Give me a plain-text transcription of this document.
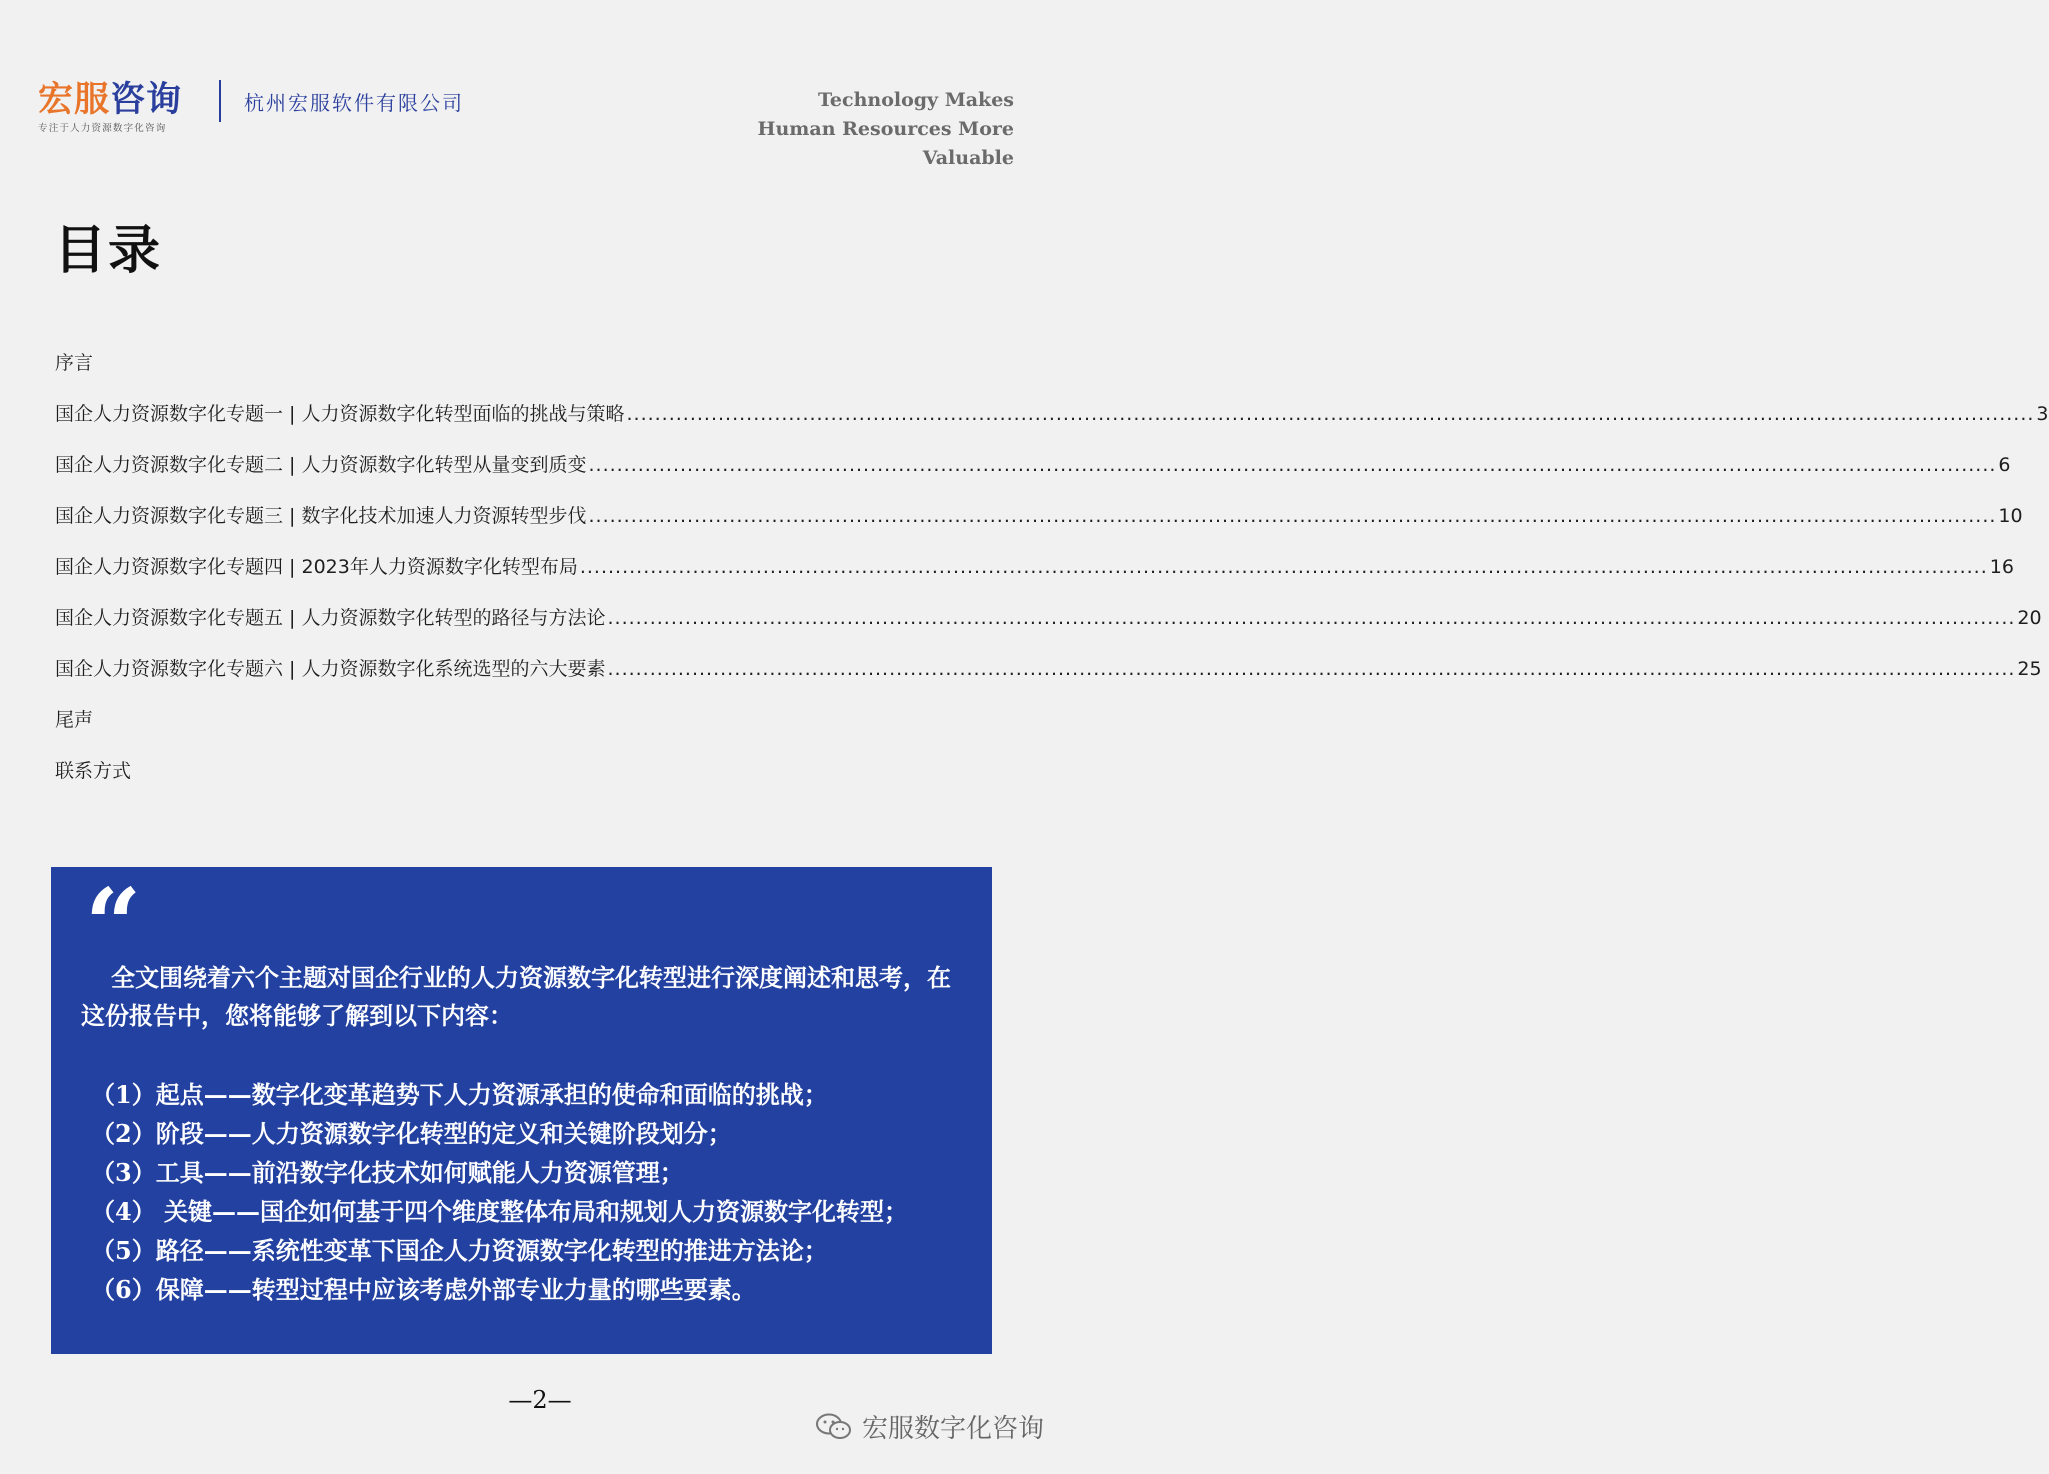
宏服咨询
专注于人力资源数字化咨询
杭州宏服软件有限公司	Technology Makes
Human Resources More
Valuable
目录
序言
国企人力资源数字化专题一 | 人力资源数字化转型面临的挑战与策略 ........................................................................................................................................................................................................ 3
国企人力资源数字化专题二 | 人力资源数字化转型从量变到质变 ........................................................................................................................................................................................................ 6
国企人力资源数字化专题三 | 数字化技术加速人力资源转型步伐 ........................................................................................................................................................................................................ 10
国企人力资源数字化专题四 | 2023年人力资源数字化转型布局 ........................................................................................................................................................................................................ 16
国企人力资源数字化专题五 | 人力资源数字化转型的路径与方法论 ........................................................................................................................................................................................................ 20
国企人力资源数字化专题六 | 人力资源数字化系统选型的六大要素 ........................................................................................................................................................................................................ 25
尾声
联系方式
“
全文围绕着六个主题对国企行业的人力资源数字化转型进行深度阐述和思考，在这份报告中，您将能够了解到以下内容：
（1）起点——数字化变革趋势下人力资源承担的使命和面临的挑战；
（2）阶段——人力资源数字化转型的定义和关键阶段划分；
（3）工具——前沿数字化技术如何赋能人力资源管理；
（4） 关键——国企如何基于四个维度整体布局和规划人力资源数字化转型；
（5）路径——系统性变革下国企人力资源数字化转型的推进方法论；
（6）保障——转型过程中应该考虑外部专业力量的哪些要素。
—2—
宏服数字化咨询
